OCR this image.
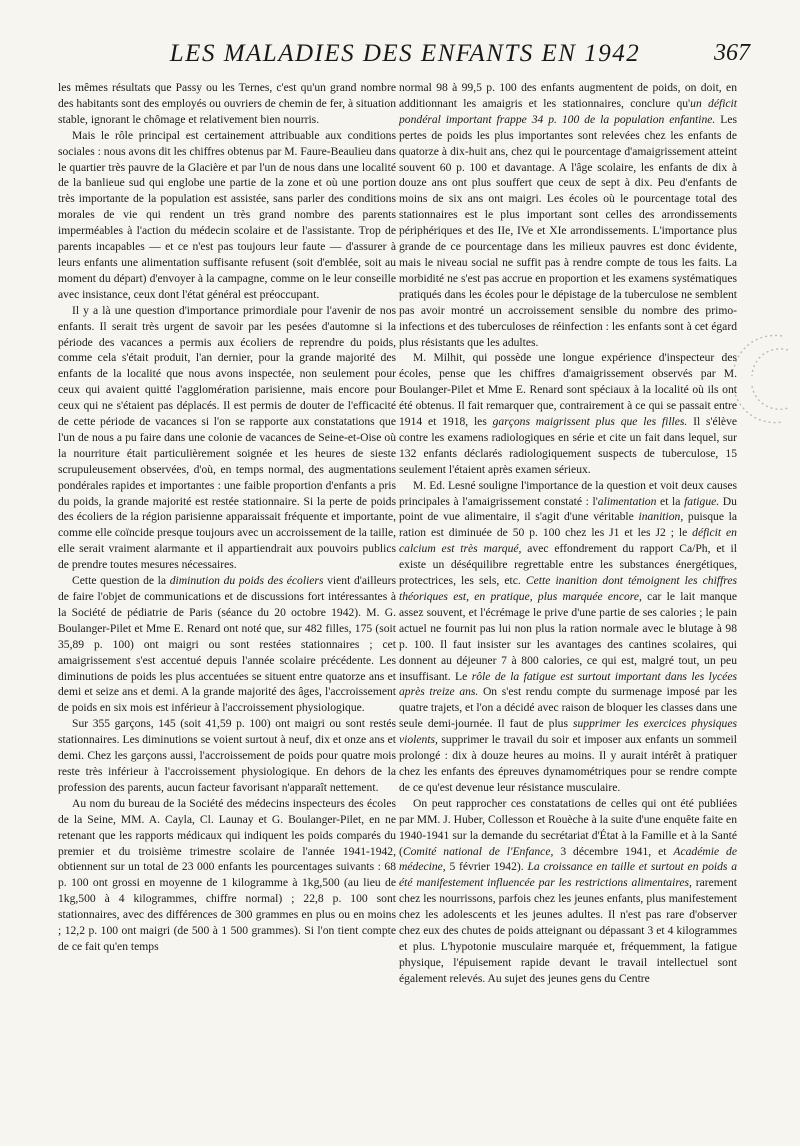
LES MALADIES DES ENFANTS EN 1942	367

les mêmes résultats que Passy ou les Ternes, c'est qu'un grand nombre des habitants sont des employés ou ouvriers de chemin de fer, à situation stable, ignorant le chômage et relativement bien nourris.

Mais le rôle principal est certainement attribuable aux conditions sociales : nous avons dit les chiffres obtenus par M. Faure-Beaulieu dans le quartier très pauvre de la Glacière et par l'un de nous dans une localité de la banlieue sud qui englobe une partie de la zone et où une portion très importante de la population est assistée, sans parler des conditions morales de vie qui rendent un très grand nombre des parents imperméables à l'action du médecin scolaire et de l'assistante. Trop de parents incapables — et ce n'est pas toujours leur faute — d'assurer à leurs enfants une alimentation suffisante refusent (soit d'emblée, soit au moment du départ) d'envoyer à la campagne, comme on le leur conseille avec insistance, ceux dont l'état général est préoccupant.

Il y a là une question d'importance primordiale pour l'avenir de nos enfants. Il serait très urgent de savoir par les pesées d'automne si la période des vacances a permis aux écoliers de reprendre du poids, comme cela s'était produit, l'an dernier, pour la grande majorité des enfants de la localité que nous avons inspectée, non seulement pour ceux qui avaient quitté l'agglomération parisienne, mais encore pour ceux qui ne s'étaient pas déplacés. Il est permis de douter de l'efficacité de cette période de vacances si l'on se rapporte aux constatations que l'un de nous a pu faire dans une colonie de vacances de Seine-et-Oise où la nourriture était particulièrement soignée et les heures de sieste scrupuleusement observées, d'où, en temps normal, des augmentations pondérales rapides et importantes : une faible proportion d'enfants a pris du poids, la grande majorité est restée stationnaire. Si la perte de poids des écoliers de la région parisienne apparaissait fréquente et importante, comme elle coïncide presque toujours avec un accroissement de la taille, elle serait vraiment alarmante et il appartiendrait aux pouvoirs publics de prendre toutes mesures nécessaires.

Cette question de la diminution du poids des écoliers vient d'ailleurs de faire l'objet de communications et de discussions fort intéressantes à la Société de pédiatrie de Paris (séance du 20 octobre 1942). M. G. Boulanger-Pilet et Mme E. Renard ont noté que, sur 482 filles, 175 (soit 35,89 p. 100) ont maigri ou sont restées stationnaires ; cet amaigrissement s'est accentué depuis l'année scolaire précédente. Les diminutions de poids les plus accentuées se situent entre quatorze ans et demi et seize ans et demi. A la grande majorité des âges, l'accroissement de poids en six mois est inférieur à l'accroissement physiologique.

Sur 355 garçons, 145 (soit 41,59 p. 100) ont maigri ou sont restés stationnaires. Les diminutions se voient surtout à neuf, dix et onze ans et demi. Chez les garçons aussi, l'accroissement de poids pour quatre mois reste très inférieur à l'accroissement physiologique. En dehors de la profession des parents, aucun facteur favorisant n'apparaît nettement.

Au nom du bureau de la Société des médecins inspecteurs des écoles de la Seine, MM. A. Cayla, Cl. Launay et G. Boulanger-Pilet, en ne retenant que les rapports médicaux qui indiquent les poids comparés du premier et du troisième trimestre scolaire de l'année 1941-1942, obtiennent sur un total de 23 000 enfants les pourcentages suivants : 68 p. 100 ont grossi en moyenne de 1 kilogramme à 1kg,500 (au lieu de 1kg,500 à 4 kilogrammes, chiffre normal) ; 22,8 p. 100 sont stationnaires, avec des différences de 300 grammes en plus ou en moins ; 12,2 p. 100 ont maigri (de 500 à 1 500 grammes). Si l'on tient compte de ce fait qu'en temps

normal 98 à 99,5 p. 100 des enfants augmentent de poids, on doit, en additionnant les amaigris et les stationnaires, conclure qu'un déficit pondéral important frappe 34 p. 100 de la population enfantine. Les pertes de poids les plus importantes sont relevées chez les enfants de quatorze à dix-huit ans, chez qui le pourcentage d'amaigrissement atteint souvent 60 p. 100 et davantage. A l'âge scolaire, les enfants de dix à douze ans ont plus souffert que ceux de sept à dix. Peu d'enfants de moins de six ans ont maigri. Les écoles où le pourcentage total des stationnaires est le plus important sont celles des arrondissements périphériques et des IIe, IVe et XIe arrondissements. L'importance plus grande de ce pourcentage dans les milieux pauvres est donc évidente, mais le niveau social ne suffit pas à rendre compte de tous les faits. La morbidité ne s'est pas accrue en proportion et les examens systématiques pratiqués dans les écoles pour le dépistage de la tuberculose ne semblent pas avoir montré un accroissement sensible du nombre des primo-infections et des tuberculoses de réinfection : les enfants sont à cet égard plus résistants que les adultes.

M. Milhit, qui possède une longue expérience d'inspecteur des écoles, pense que les chiffres d'amaigrissement observés par M. Boulanger-Pilet et Mme E. Renard sont spéciaux à la localité où ils ont été obtenus. Il fait remarquer que, contrairement à ce qui se passait entre 1914 et 1918, les garçons maigrissent plus que les filles. Il s'élève contre les examens radiologiques en série et cite un fait dans lequel, sur 132 enfants déclarés radiologiquement suspects de tuberculose, 15 seulement l'étaient après examen sérieux.

M. Ed. Lesné souligne l'importance de la question et voit deux causes principales à l'amaigrissement constaté : l'alimentation et la fatigue. Du point de vue alimentaire, il s'agit d'une véritable inanition, puisque la ration est diminuée de 50 p. 100 chez les J1 et les J2 ; le déficit en calcium est très marqué, avec effondrement du rapport Ca/Ph, et il existe un déséquilibre regrettable entre les substances énergétiques, protectrices, les sels, etc. Cette inanition dont témoignent les chiffres théoriques est, en pratique, plus marquée encore, car le lait manque assez souvent, et l'écrémage le prive d'une partie de ses calories ; le pain actuel ne fournit pas lui non plus la ration normale avec le blutage à 98 p. 100. Il faut insister sur les avantages des cantines scolaires, qui donnent au déjeuner 7 à 800 calories, ce qui est, malgré tout, un peu insuffisant. Le rôle de la fatigue est surtout important dans les lycées après treize ans. On s'est rendu compte du surmenage imposé par les quatre trajets, et l'on a décidé avec raison de bloquer les classes dans une seule demi-journée. Il faut de plus supprimer les exercices physiques violents, supprimer le travail du soir et imposer aux enfants un sommeil prolongé : dix à douze heures au moins. Il y aurait intérêt à pratiquer chez les enfants des épreuves dynamométriques pour se rendre compte de ce qu'est devenue leur résistance musculaire.

On peut rapprocher ces constatations de celles qui ont été publiées par MM. J. Huber, Collesson et Rouèche à la suite d'une enquête faite en 1940-1941 sur la demande du secrétariat d'État à la Famille et à la Santé (Comité national de l'Enfance, 3 décembre 1941, et Académie de médecine, 5 février 1942). La croissance en taille et surtout en poids a été manifestement influencée par les restrictions alimentaires, rarement chez les nourrissons, parfois chez les jeunes enfants, plus manifestement chez les adolescents et les jeunes adultes. Il n'est pas rare d'observer chez eux des chutes de poids atteignant ou dépassant 3 et 4 kilogrammes et plus. L'hypotonie musculaire marquée et, fréquemment, la fatigue physique, l'épuisement rapide devant le travail intellectuel sont également relevés. Au sujet des jeunes gens du Centre
